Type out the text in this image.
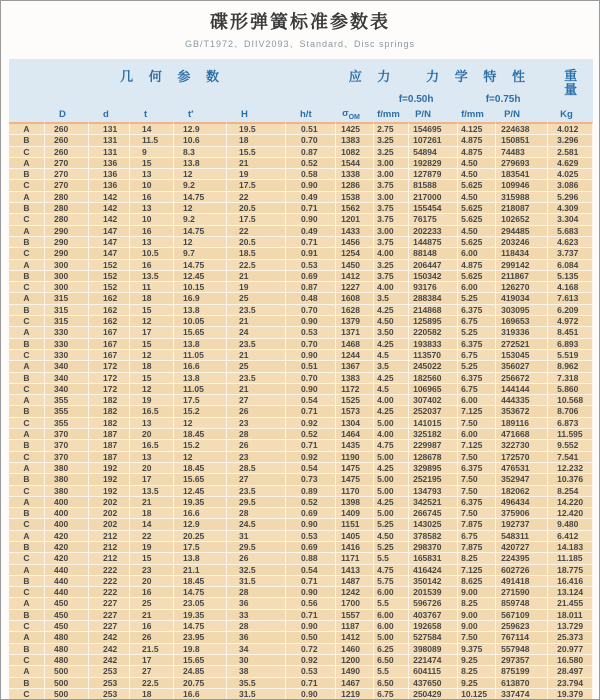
碟形弹簧标准参数表
GB/T1972、DIIV2093、Standard、Disc springs
几 何 参 数							应 力		力 学 特 性			重
量

								f=0.50h		f=0.75h		
	D	d	t	t′	H	h/t	$\sigma_{OM}$	f/mm	P/N	f/mm	P/N	Kg
A	260	131	14	12.9	19.5	0.51	1425	2.75	154695	4.125	224638	4.012
B	260	131	11.5	10.6	18	0.70	1383	3.25	107261	4.875	150851	3.296
C	260	131	9	8.3	15.5	0.87	1082	3.25	54894	4.875	74483	2.581
A	270	136	15	13.8	21	0.52	1544	3.00	192829	4.50	279693	4.629
B	270	136	13	12	19	0.58	1338	3.00	127879	4.50	183541	4.025
C	270	136	10	9.2	17.5	0.90	1286	3.75	81588	5.625	109946	3.086
A	280	142	16	14.75	22	0.49	1538	3.00	217000	4.50	315988	5.296
B	280	142	13	12	20.5	0.71	1562	3.75	155454	5.625	218087	4.309
C	280	142	10	9.2	17.5	0.90	1201	3.75	76175	5.625	102652	3.304
A	290	147	16	14.75	22	0.49	1433	3.00	202233	4.50	294485	5.683
B	290	147	13	12	20.5	0.71	1456	3.75	144875	5.625	203246	4.623
C	290	147	10.5	9.7	18.5	0.91	1254	4.00	88148	6.00	118434	3.737
A	300	152	16	14.75	22.5	0.53	1450	3.25	206447	4.875	299142	6.084
B	300	152	13.5	12.45	21	0.69	1412	3.75	150342	5.625	211867	5.135
C	300	152	11	10.15	19	0.87	1227	4.00	93176	6.00	126270	4.168
A	315	162	18	16.9	25	0.48	1608	3.5	288384	5.25	419034	7.613
B	315	162	15	13.8	23.5	0.70	1628	4.25	214868	6.375	303095	6.209
C	315	162	12	10.05	21	0.90	1379	4.50	125895	6.75	169653	4.972
A	330	167	17	15.65	24	0.53	1371	3.50	220582	5.25	319336	8.451
B	330	167	15	13.8	23.5	0.70	1468	4.25	193833	6.375	272521	6.893
C	330	167	12	11.05	21	0.90	1244	4.5	113570	6.75	153045	5.519
A	340	172	18	16.6	25	0.51	1367	3.5	245022	5.25	356027	8.962
B	340	172	15	13.8	23.5	0.70	1383	4.25	182560	6.375	256672	7.318
C	340	172	12	11.05	21	0.90	1172	4.5	106965	6.75	144144	5.860
A	355	182	19	17.5	27	0.54	1525	4.00	307402	6.00	444335	10.568
B	355	182	16.5	15.2	26	0.71	1573	4.25	252037	7.125	353672	8.706
C	355	182	13	12	23	0.92	1304	5.00	141015	7.50	189116	6.873
A	370	187	20	18.45	28	0.52	1464	4.00	325182	6.00	471668	11.595
B	370	187	16.5	15.2	26	0.71	1435	4.75	229987	7.125	322730	9.552
C	370	187	13	12	23	0.92	1190	5.00	128678	7.50	172570	7.541
A	380	192	20	18.45	28.5	0.54	1475	4.25	329895	6.375	476531	12.232
B	380	192	17	15.65	27	0.73	1475	5.00	252195	7.50	352947	10.376
C	380	192	13.5	12.45	23.5	0.89	1170	5.00	134793	7.50	182062	8.254
A	400	202	21	19.35	29.5	0.52	1398	4.25	342521	6.375	496434	14.220
B	400	202	18	16.6	28	0.69	1409	5.00	266745	7.50	375906	12.420
C	400	202	14	12.9	24.5	0.90	1151	5.25	143025	7.875	192737	9.480
A	420	212	22	20.25	31	0.53	1405	4.50	378582	6.75	548311	6.412
B	420	212	19	17.5	29.5	0.69	1416	5.25	298370	7.875	420727	14.183
C	420	212	15	13.8	26	0.88	1171	5.5	165831	8.25	224395	11.185
A	440	222	23	21.1	32.5	0.54	1413	4.75	416424	7.125	602726	18.775
B	440	222	20	18.45	31.5	0.71	1487	5.75	350142	8.625	491418	16.416
C	440	222	16	14.75	28	0.90	1242	6.00	201539	9.00	271590	13.124
A	450	227	25	23.05	36	0.56	1700	5.5	596726	8.25	859748	21.455
B	450	227	21	19.35	33	0.71	1557	6.00	403767	9.00	567109	18.011
C	450	227	16	14.75	28	0.90	1187	6.00	192658	9.00	259623	13.729
A	480	242	26	23.95	36	0.50	1412	5.00	527584	7.50	767114	25.373
B	480	242	21.5	19.8	34	0.72	1460	6.25	398089	9.375	557948	20.977
C	480	242	17	15.65	30	0.92	1200	6.50	221474	9.25	297357	16.580
A	500	253	27	24.85	38	0.53	1490	5.5	604115	8.25	875199	28.497
B	500	253	22.5	20.75	35.5	0.71	1467	6.50	437650	9.25	613870	23.794
C	500	253	18	16.6	31.5	0.90	1219	6.75	250429	10.125	337474	19.379
